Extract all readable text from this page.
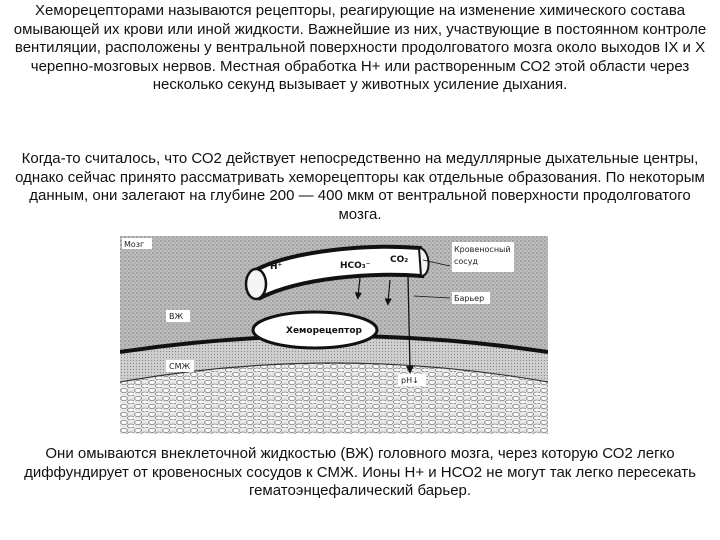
Хеморецепторами называются рецепторы, реагирующие на изменение химического состава омывающей их крови или иной жидкости. Важнейшие из них, участвующие в постоянном контроле вентиляции, расположены у вентральной поверхности продолговатого мозга около выходов IX и X черепно-мозговых нервов. Местная обработка Н+ или растворенным СО2 этой области через несколько секунд вызывает у животных усиление дыхания.

Когда-то считалось, что СО2 действует непосредственно на медуллярные дыхательные центры, однако сейчас принято рассматривать хеморецепторы как отдельные образования. По некоторым данным, они залегают на глубине 200 — 400 мкм от вентральной поверхности продолговатого мозга.

Мозг
H⁺	HCO₃⁻
CO₂
Кровеносный
сосуд
Барьер
ВЖ
Хеморецептор
СМЖ
pH↓

Они омываются внеклеточной жидкостью (ВЖ) головного мозга, через которую СО2 легко диффундирует от кровеносных сосудов к СМЖ. Ионы Н+ и НСО2 не могут так легко пересекать гематоэнцефалический барьер.
